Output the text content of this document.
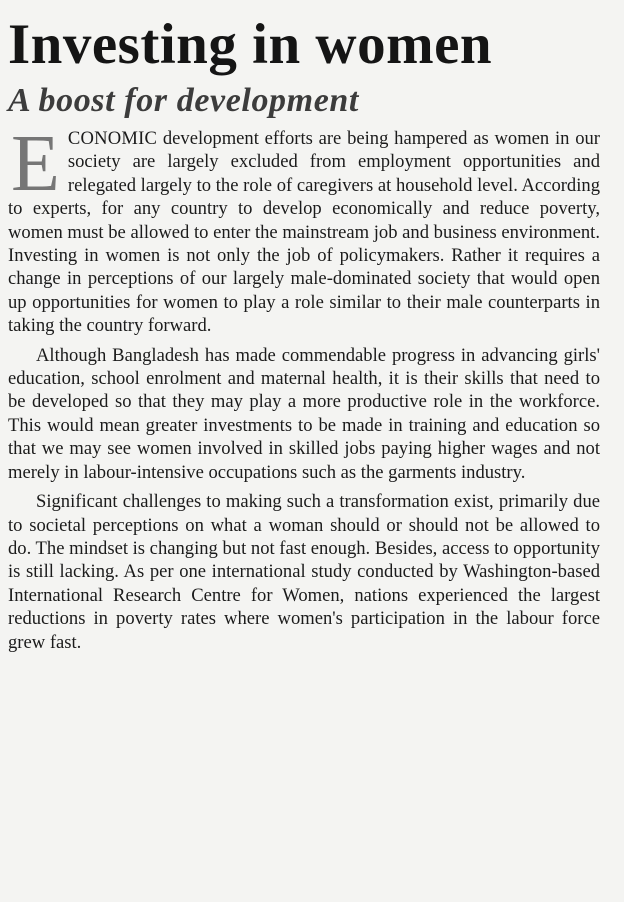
Investing in women
A boost for development

ECONOMIC development efforts are being hampered as women in our society are largely excluded from employment opportunities and relegated largely to the role of caregivers at household level. According to experts, for any country to develop economically and reduce poverty, women must be allowed to enter the mainstream job and business environment. Investing in women is not only the job of policymakers. Rather it requires a change in perceptions of our largely male-dominated society that would open up opportunities for women to play a role similar to their male counterparts in taking the country forward.

Although Bangladesh has made commendable progress in advancing girls' education, school enrolment and maternal health, it is their skills that need to be developed so that they may play a more productive role in the workforce. This would mean greater investments to be made in training and education so that we may see women involved in skilled jobs paying higher wages and not merely in labour-intensive occupations such as the garments industry.

Significant challenges to making such a transformation exist, primarily due to societal perceptions on what a woman should or should not be allowed to do. The mindset is changing but not fast enough. Besides, access to opportunity is still lacking. As per one international study conducted by Washington-based International Research Centre for Women, nations experienced the largest reductions in poverty rates where women's participation in the labour force grew fast.
